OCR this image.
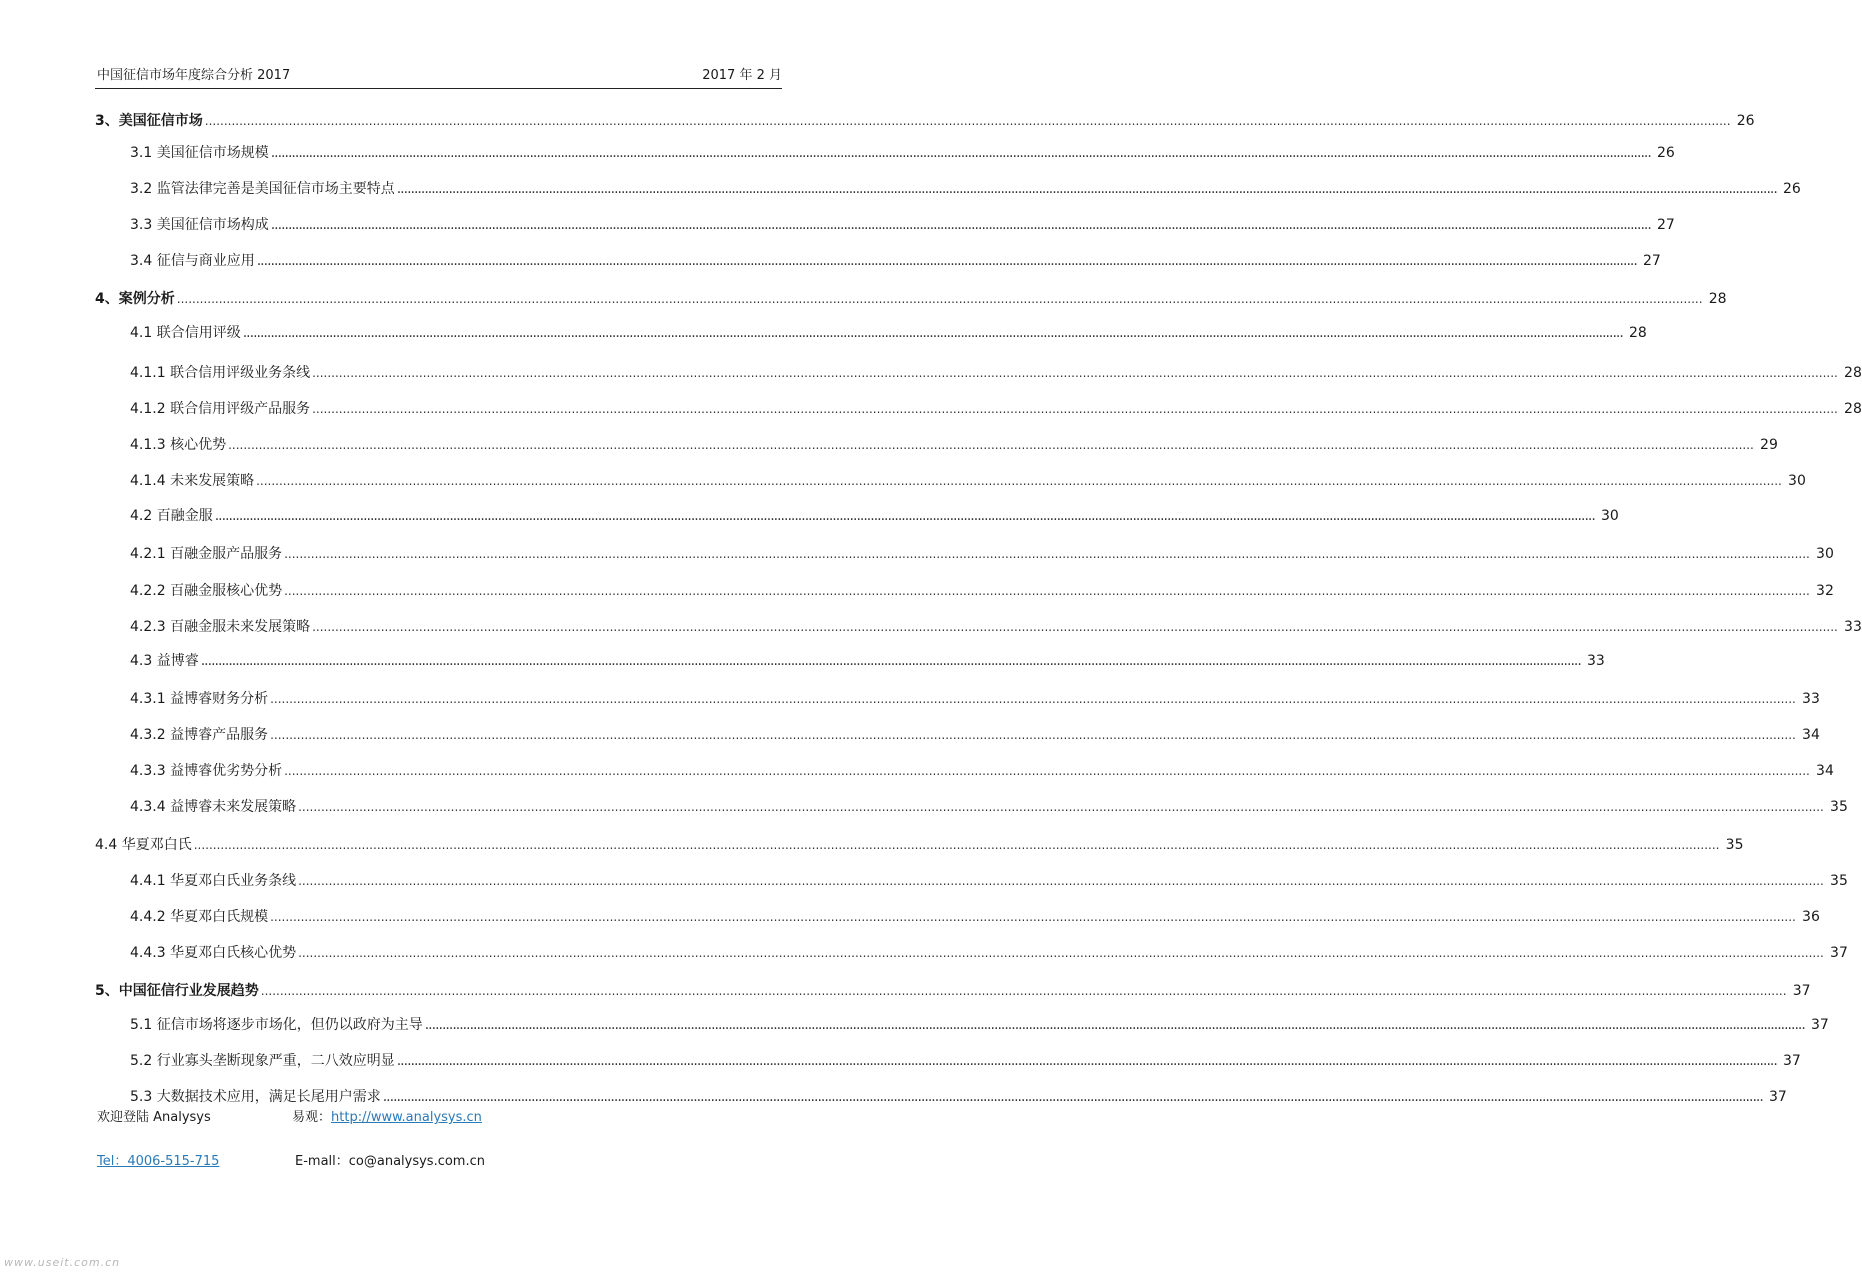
中国征信市场年度综合分析 2017	2017 年 2 月
3、美国征信市场 ................................................................................................................................................................................................................................................................................................................................................................................................................ 26
3.1 美国征信市场规模 ................................................................................................................................................................................................................................................................................................................................................................................................................ 26
3.2 监管法律完善是美国征信市场主要特点 ................................................................................................................................................................................................................................................................................................................................................................................................................ 26
3.3 美国征信市场构成 ................................................................................................................................................................................................................................................................................................................................................................................................................ 27
3.4 征信与商业应用 ................................................................................................................................................................................................................................................................................................................................................................................................................ 27
4、案例分析 ................................................................................................................................................................................................................................................................................................................................................................................................................ 28
4.1 联合信用评级 ................................................................................................................................................................................................................................................................................................................................................................................................................ 28
4.1.1 联合信用评级业务条线 ................................................................................................................................................................................................................................................................................................................................................................................................................ 28
4.1.2 联合信用评级产品服务 ................................................................................................................................................................................................................................................................................................................................................................................................................ 28
4.1.3 核心优势 ................................................................................................................................................................................................................................................................................................................................................................................................................ 29
4.1.4 未来发展策略 ................................................................................................................................................................................................................................................................................................................................................................................................................ 30
4.2 百融金服 ................................................................................................................................................................................................................................................................................................................................................................................................................ 30
4.2.1 百融金服产品服务 ................................................................................................................................................................................................................................................................................................................................................................................................................ 30
4.2.2 百融金服核心优势 ................................................................................................................................................................................................................................................................................................................................................................................................................ 32
4.2.3 百融金服未来发展策略 ................................................................................................................................................................................................................................................................................................................................................................................................................ 33
4.3 益博睿 ................................................................................................................................................................................................................................................................................................................................................................................................................ 33
4.3.1 益博睿财务分析 ................................................................................................................................................................................................................................................................................................................................................................................................................ 33
4.3.2 益博睿产品服务 ................................................................................................................................................................................................................................................................................................................................................................................................................ 34
4.3.3 益博睿优劣势分析 ................................................................................................................................................................................................................................................................................................................................................................................................................ 34
4.3.4 益博睿未来发展策略 ................................................................................................................................................................................................................................................................................................................................................................................................................ 35
4.4 华夏邓白氏 ................................................................................................................................................................................................................................................................................................................................................................................................................ 35
4.4.1 华夏邓白氏业务条线 ................................................................................................................................................................................................................................................................................................................................................................................................................ 35
4.4.2 华夏邓白氏规模 ................................................................................................................................................................................................................................................................................................................................................................................................................ 36
4.4.3 华夏邓白氏核心优势 ................................................................................................................................................................................................................................................................................................................................................................................................................ 37
5、中国征信行业发展趋势 ................................................................................................................................................................................................................................................................................................................................................................................................................ 37
5.1 征信市场将逐步市场化，但仍以政府为主导 ................................................................................................................................................................................................................................................................................................................................................................................................................ 37
5.2 行业寡头垄断现象严重，二八效应明显 ................................................................................................................................................................................................................................................................................................................................................................................................................ 37
5.3 大数据技术应用，满足长尾用户需求 ................................................................................................................................................................................................................................................................................................................................................................................................................ 37
欢迎登陆 Analysys	易观：http://www.analysys.cn
Tel：4006-515-715	E-mall：co@analysys.com.cn
www.useit.com.cn
